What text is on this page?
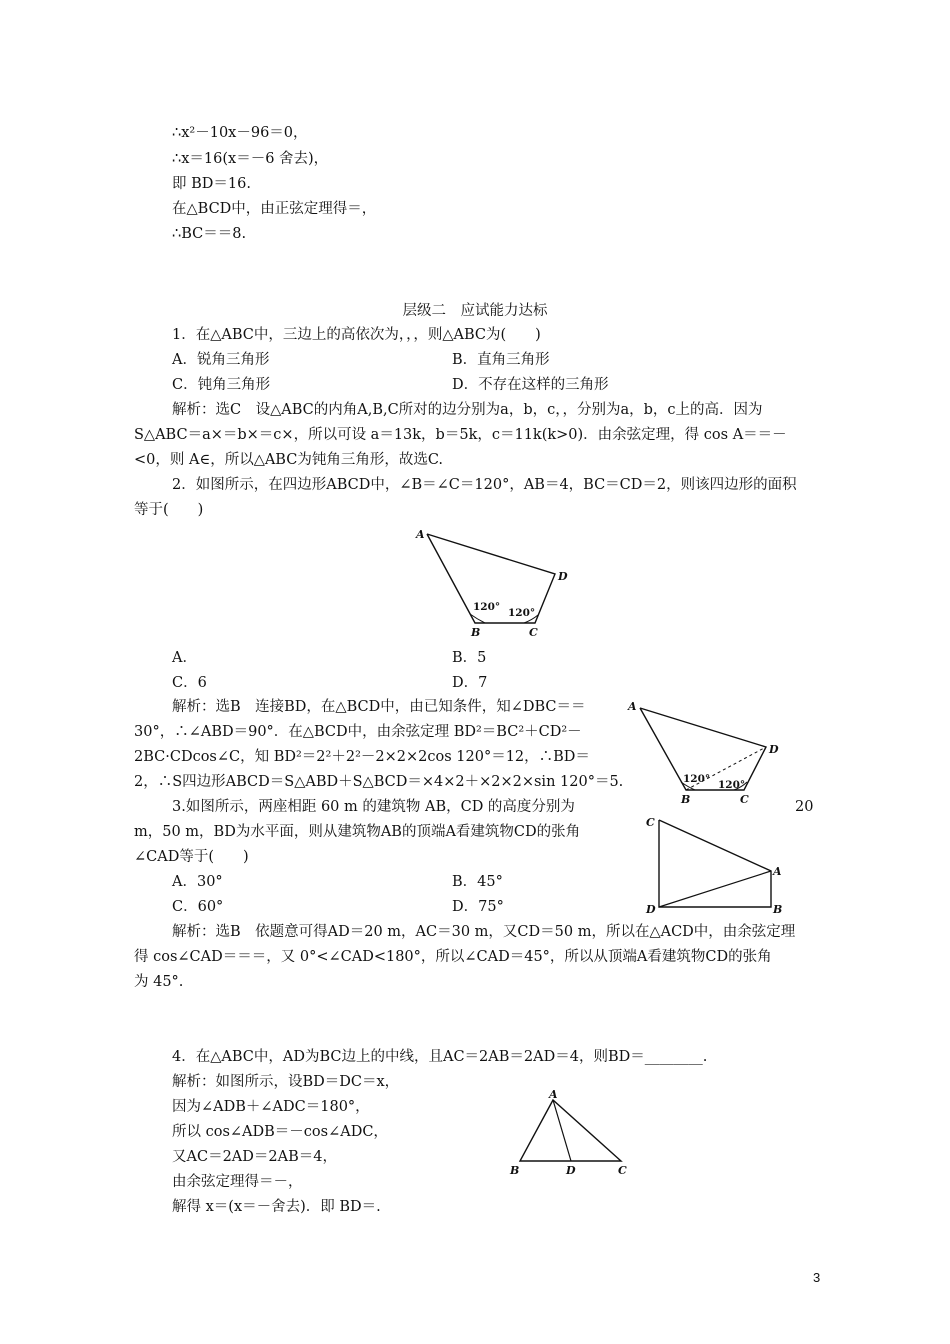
∴x²－10x－96＝0，
∴x＝16(x＝－6 舍去)，
即 BD＝16.
在△BCD中，由正弦定理得＝，
∴BC＝＝8.
层级二　应试能力达标
1．在△ABC中，三边上的高依次为，，，则△ABC为(　　)
A．锐角三角形	B．直角三角形
C．钝角三角形	D．不存在这样的三角形
解析：选C　设△ABC的内角A,B,C所对的边分别为a，b，c，，分别为a，b，c上的高．因为
S△ABC＝a×＝b×＝c×，所以可设 a＝13k，b＝5k，c＝11k(k>0)．由余弦定理，得 cos A＝＝－
<0，则 A∈，所以△ABC为钝角三角形，故选C.
2．如图所示，在四边形ABCD中，∠B＝∠C＝120°，AB＝4，BC＝CD＝2，则该四边形的面积
等于(　　)
A
B	C
D
120° 120°
A．	B．5
C．6	D．7
解析：选B　连接BD，在△BCD中，由已知条件，知∠DBC＝＝
30°，∴∠ABD＝90°．在△BCD中，由余弦定理 BD²＝BC²＋CD²－
2BC·CDcos∠C，知 BD²＝2²＋2²－2×2×2cos 120°＝12，∴BD＝
2，∴S四边形ABCD＝S△ABD＋S△BCD＝×4×2＋×2×2×sin 120°＝5.
A
B	C
D
120° 120°
3.如图所示，两座相距 60 m 的建筑物 AB，CD 的高度分别为	20
m，50 m，BD为水平面，则从建筑物AB的顶端A看建筑物CD的张角
∠CAD等于(　　)
C
A
D	B
A．30°	B．45°
C．60°	D．75°
解析：选B　依题意可得AD＝20 m，AC＝30 m，又CD＝50 m，所以在△ACD中，由余弦定理
得 cos∠CAD＝＝＝，又 0°<∠CAD<180°，所以∠CAD＝45°，所以从顶端A看建筑物CD的张角
为 45°.
4．在△ABC中，AD为BC边上的中线，且AC＝2AB＝2AD＝4，则BD＝________.
解析：如图所示，设BD＝DC＝x，
因为∠ADB＋∠ADC＝180°，
所以 cos∠ADB＝－cos∠ADC，
又AC＝2AD＝2AB＝4，
由余弦定理得＝－，
解得 x＝(x＝－舍去)．即 BD＝.
A
B	D	C
3
